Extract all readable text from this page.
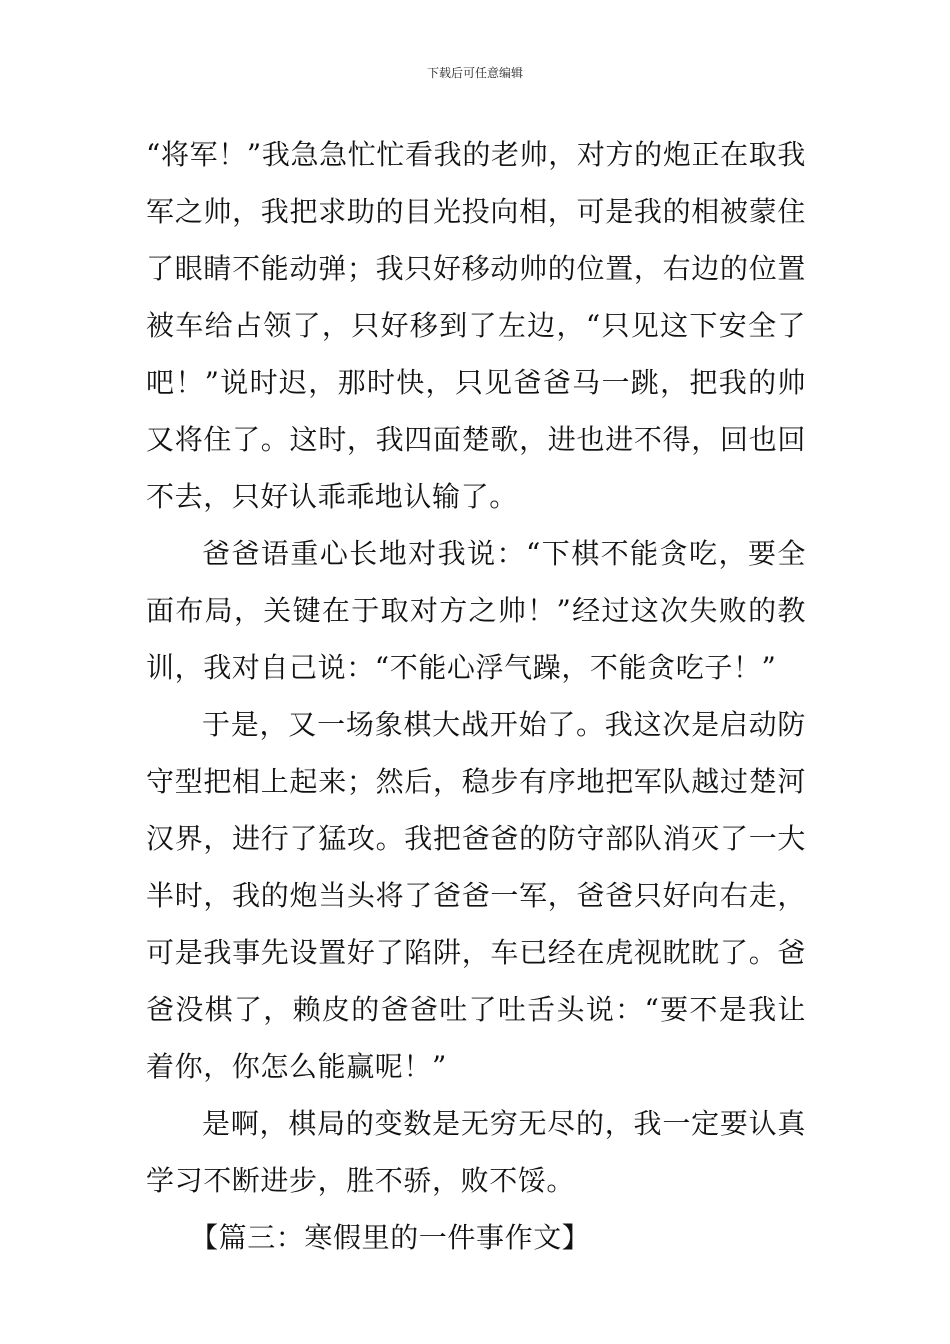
下载后可任意编辑

“将军！”我急急忙忙看我的老帅，对方的炮正在取我军之帅，我把求助的目光投向相，可是我的相被蒙住了眼睛不能动弹；我只好移动帅的位置，右边的位置被车给占领了，只好移到了左边，“只见这下安全了吧！”说时迟，那时快，只见爸爸马一跳，把我的帅又将住了。这时，我四面楚歌，进也进不得，回也回不去，只好认乖乖地认输了。

爸爸语重心长地对我说：“下棋不能贪吃，要全面布局，关键在于取对方之帅！”经过这次失败的教训，我对自己说：“不能心浮气躁，不能贪吃子！”

于是，又一场象棋大战开始了。我这次是启动防守型把相上起来；然后，稳步有序地把军队越过楚河汉界，进行了猛攻。我把爸爸的防守部队消灭了一大半时，我的炮当头将了爸爸一军，爸爸只好向右走，可是我事先设置好了陷阱，车已经在虎视眈眈了。爸爸没棋了，赖皮的爸爸吐了吐舌头说：“要不是我让着你，你怎么能赢呢！”

是啊，棋局的变数是无穷无尽的，我一定要认真学习不断进步，胜不骄，败不馁。

【篇三：寒假里的一件事作文】
